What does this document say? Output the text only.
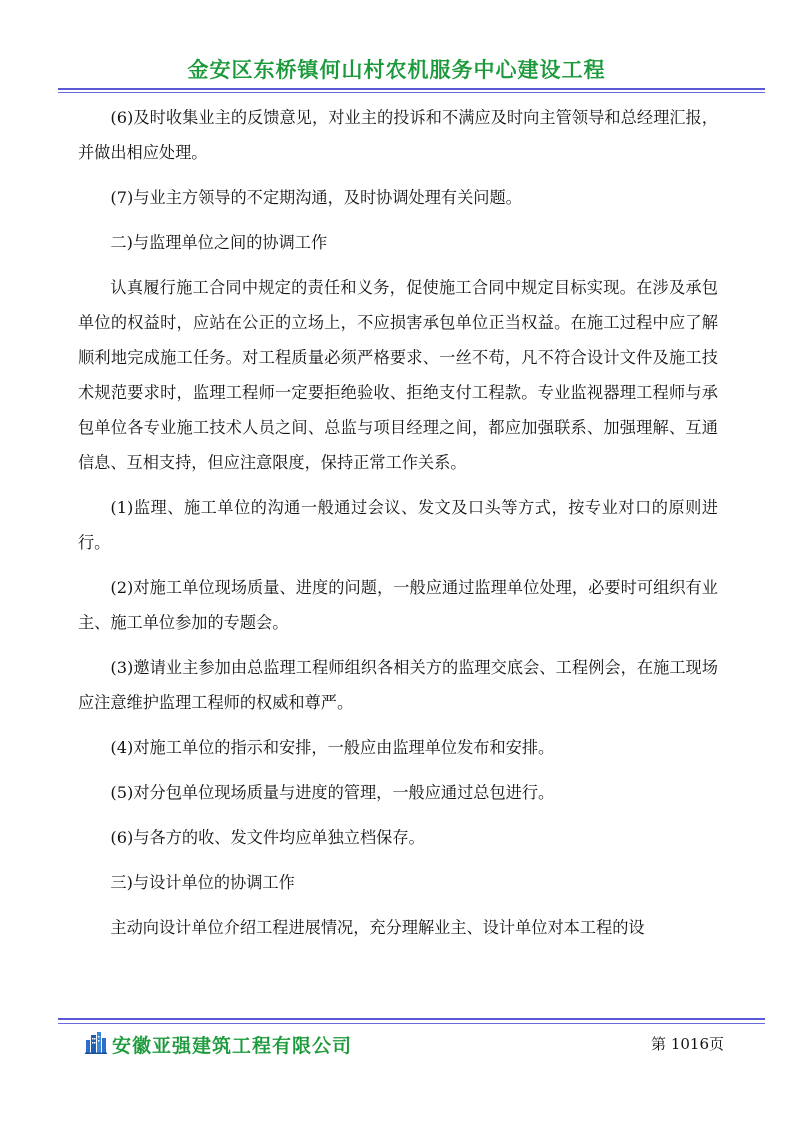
金安区东桥镇何山村农机服务中心建设工程

(6)及时收集业主的反馈意见，对业主的投诉和不满应及时向主管领导和总经理汇报，并做出相应处理。

(7)与业主方领导的不定期沟通，及时协调处理有关问题。

二)与监理单位之间的协调工作

认真履行施工合同中规定的责任和义务，促使施工合同中规定目标实现。在涉及承包单位的权益时，应站在公正的立场上，不应损害承包单位正当权益。在施工过程中应了解顺利地完成施工任务。对工程质量必须严格要求、一丝不苟，凡不符合设计文件及施工技术规范要求时，监理工程师一定要拒绝验收、拒绝支付工程款。专业监视器理工程师与承包单位各专业施工技术人员之间、总监与项目经理之间，都应加强联系、加强理解、互通信息、互相支持，但应注意限度，保持正常工作关系。

(1)监理、施工单位的沟通一般通过会议、发文及口头等方式，按专业对口的原则进行。

(2)对施工单位现场质量、进度的问题，一般应通过监理单位处理，必要时可组织有业主、施工单位参加的专题会。

(3)邀请业主参加由总监理工程师组织各相关方的监理交底会、工程例会，在施工现场应注意维护监理工程师的权威和尊严。

(4)对施工单位的指示和安排，一般应由监理单位发布和安排。

(5)对分包单位现场质量与进度的管理，一般应通过总包进行。

(6)与各方的收、发文件均应单独立档保存。

三)与设计单位的协调工作

主动向设计单位介绍工程进展情况，充分理解业主、设计单位对本工程的设

安徽亚强建筑工程有限公司	第 1016页
